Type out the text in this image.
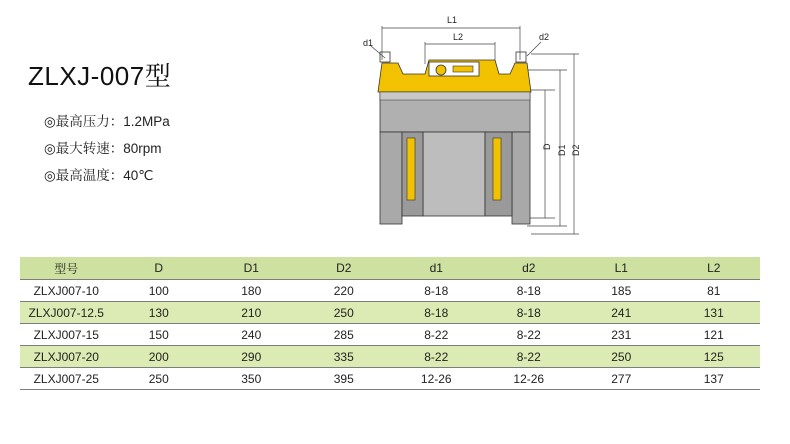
ZLXJ-007型
◎最高压力：1.2MPa
◎最大转速：80rpm
◎最高温度：40℃
L1
L2
d1
d2
D D1 D2
型号	D	D1	D2	d1	d2	L1	L2
ZLXJ007-10	100	180	220	8-18	8-18	185	81
ZLXJ007-12.5	130	210	250	8-18	8-18	241	131
ZLXJ007-15	150	240	285	8-22	8-22	231	121
ZLXJ007-20	200	290	335	8-22	8-22	250	125
ZLXJ007-25	250	350	395	12-26	12-26	277	137
